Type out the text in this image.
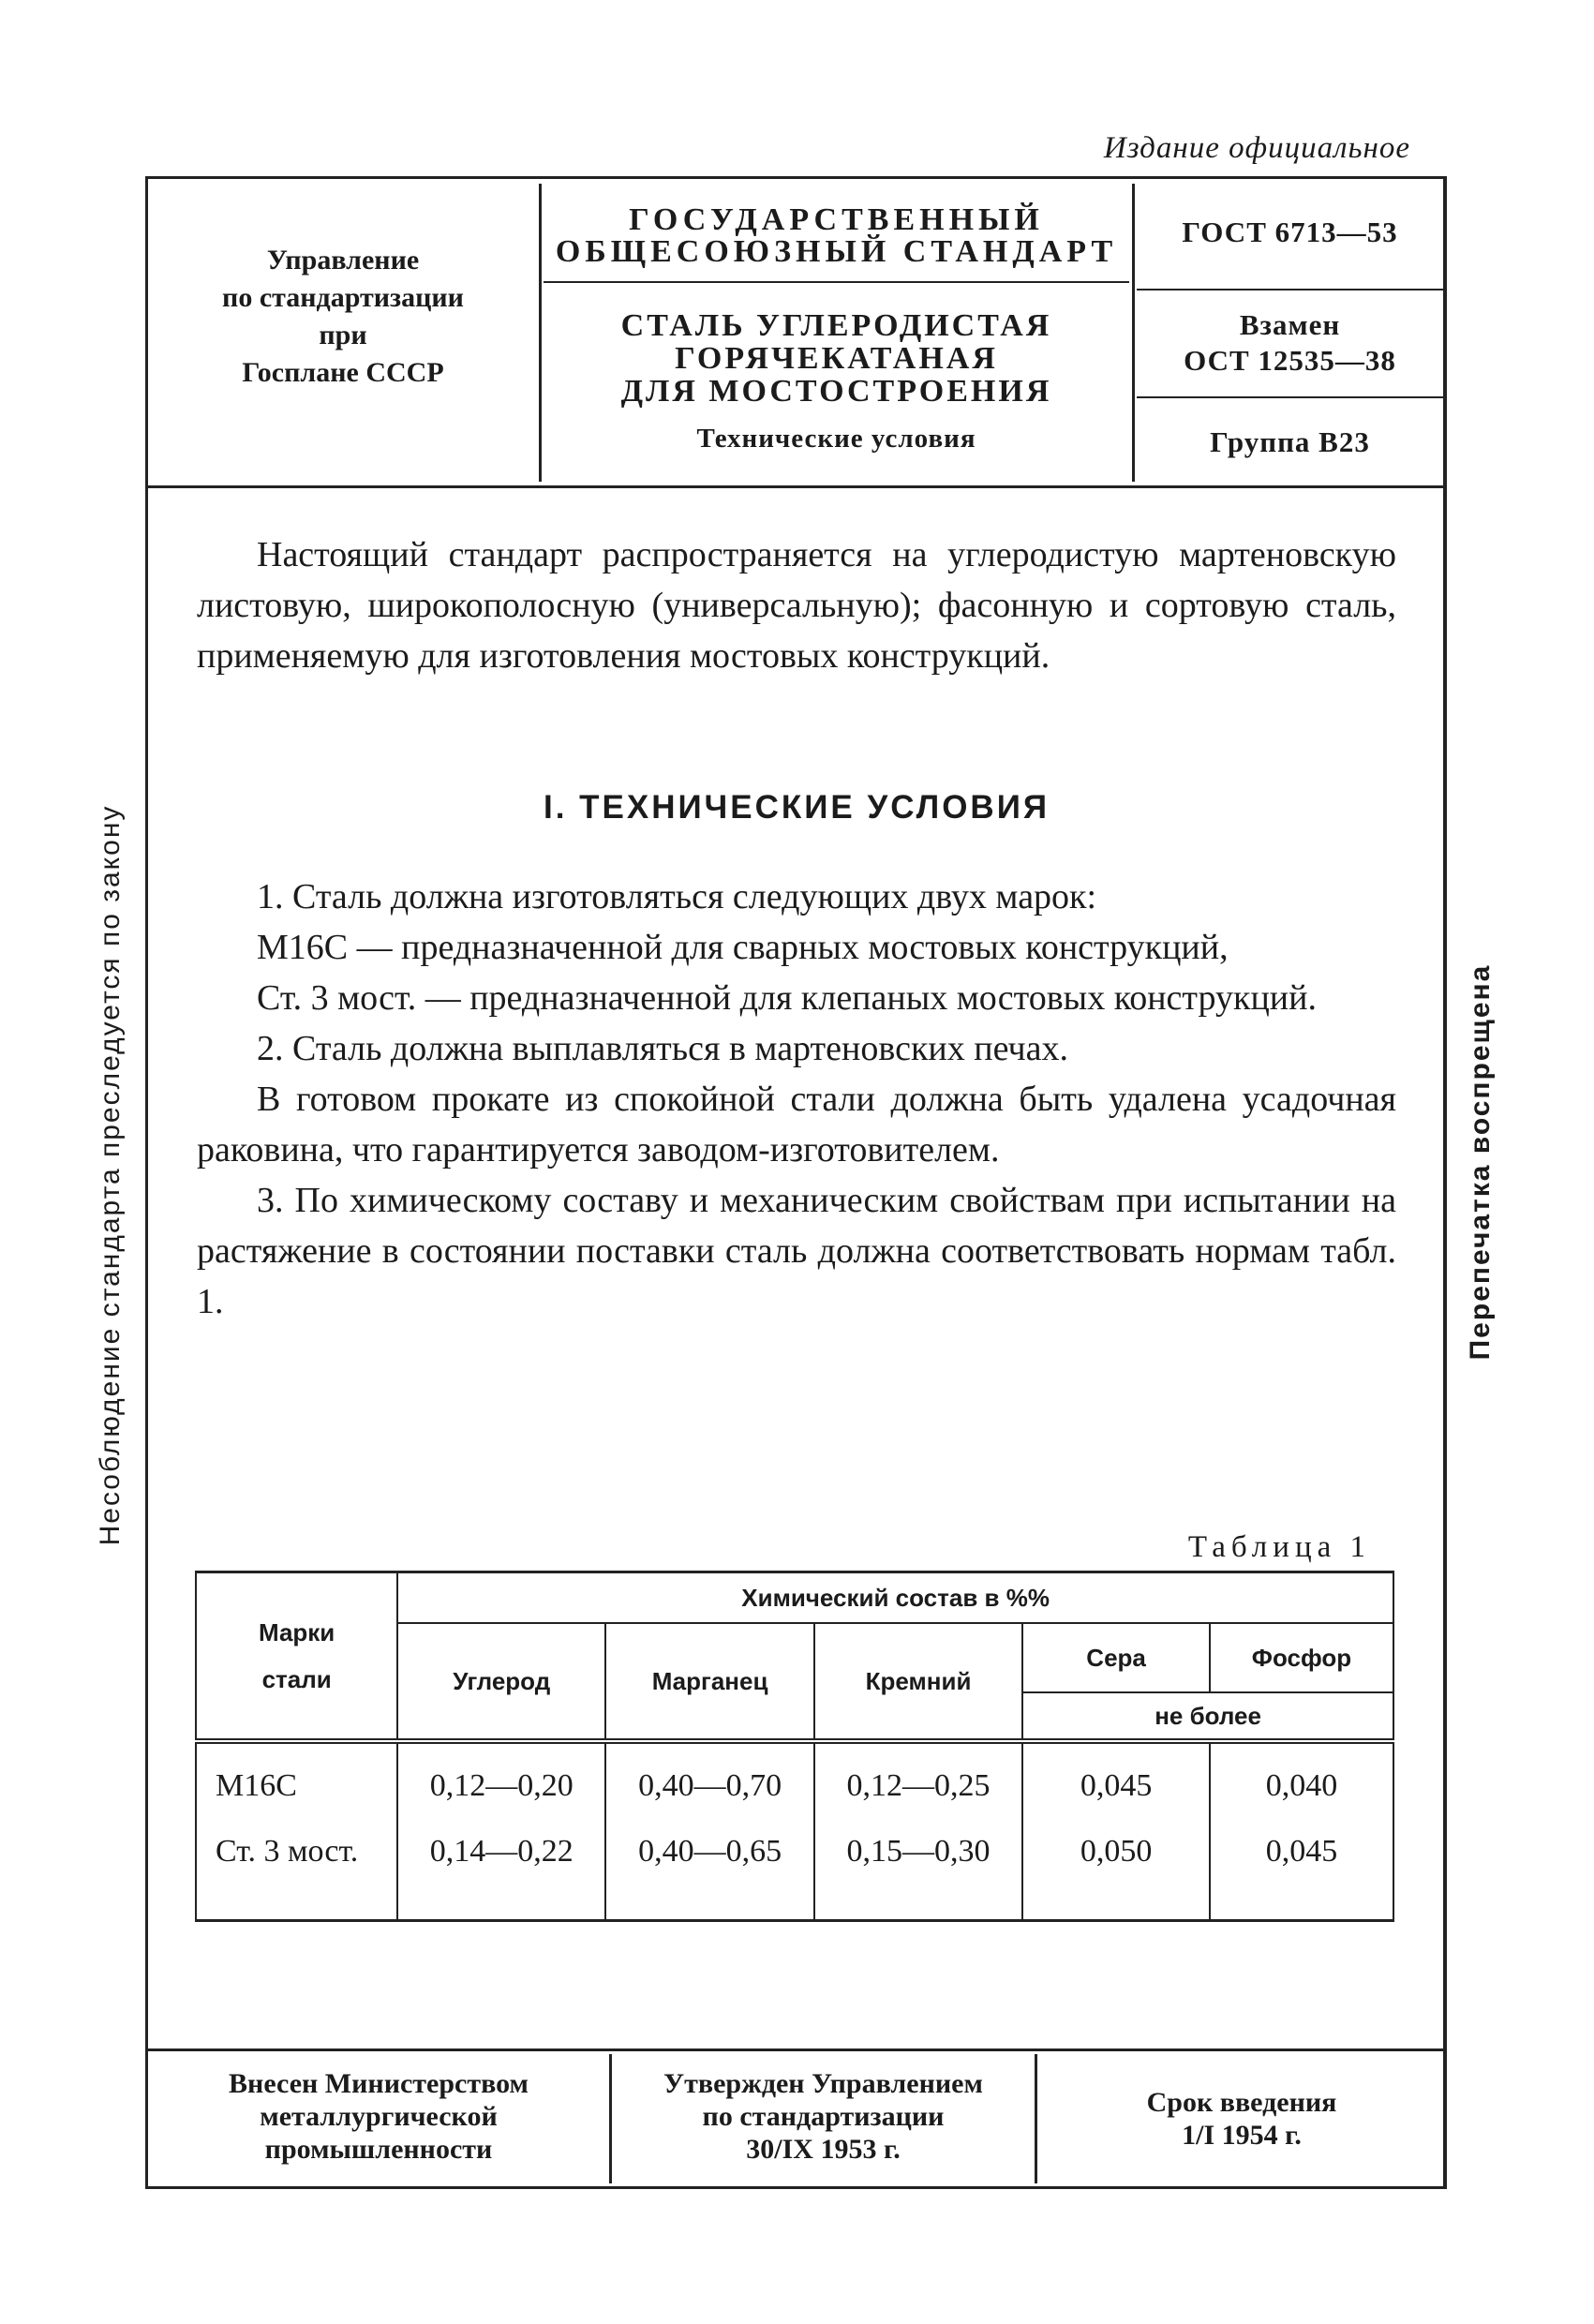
Издание официальное
Управление
по стандартизации
при
Госплане СССР
ГОСУДАРСТВЕННЫЙ
ОБЩЕСОЮЗНЫЙ СТАНДАРТ
СТАЛЬ УГЛЕРОДИСТАЯ
ГОРЯЧЕКАТАНАЯ
ДЛЯ МОСТОСТРОЕНИЯ
Технические условия
ГОСТ 6713—53
Взамен
ОСТ 12535—38
Группа В23

Настоящий стандарт распространяется на углеродистую мартеновскую листовую, широкополосную (универсальную); фасонную и сортовую сталь, применяемую для изготовления мостовых конструкций.

I. ТЕХНИЧЕСКИЕ УСЛОВИЯ

1. Сталь должна изготовляться следующих двух марок:

М16С — предназначенной для сварных мостовых конструкций,

Ст. 3 мост. — предназначенной для клепаных мостовых конструкций.

2. Сталь должна выплавляться в мартеновских печах.

В готовом прокате из спокойной стали должна быть удалена усадочная раковина, что гарантируется заводом-изготовителем.

3. По химическому составу и механическим свойствам при испытании на растяжение в состоянии поставки сталь должна соответствовать нормам табл. 1.

Несоблюдение стандарта преследуется по закону	Перепечатка воспрещена
Таблица 1
Марки
стали	Химический состав в %%				
	Углерод	Марганец	Кремний	Сера	Фосфор
				не более	
М16С	0,12—0,20	0,40—0,70	0,12—0,25	0,045	0,040
Ст. 3 мост.	0,14—0,22	0,40—0,65	0,15—0,30	0,050	0,045
Внесен Министерством
металлургической
промышленности
Утвержден Управлением
по стандартизации
30/IX 1953 г.
Срок введения
1/I 1954 г.
